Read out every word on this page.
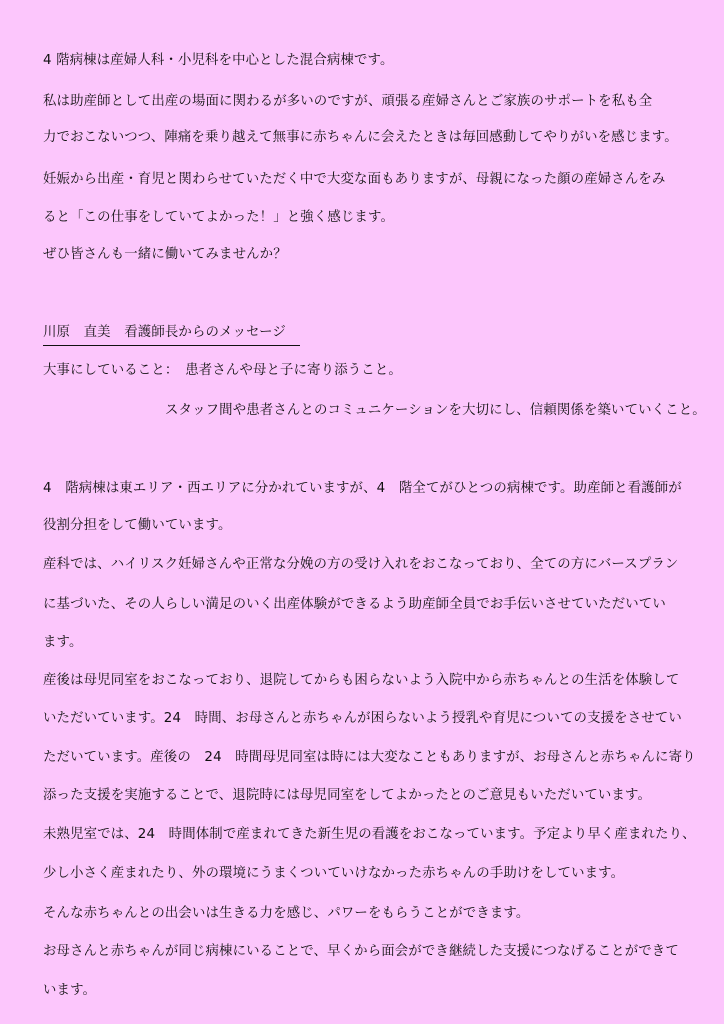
4 階病棟は産婦人科・小児科を中心とした混合病棟です。
私は助産師として出産の場面に関わるが多いのですが、頑張る産婦さんとご家族のサポートを私も全
力でおこないつつ、陣痛を乗り越えて無事に赤ちゃんに会えたときは毎回感動してやりがいを感じます。
妊娠から出産・育児と関わらせていただく中で大変な面もありますが、母親になった顔の産婦さんをみ
ると「この仕事をしていてよかった！」と強く感じます。
ぜひ皆さんも一緒に働いてみませんか？
川原　直美　看護師長からのメッセージ
大事にしていること：　患者さんや母と子に寄り添うこと。
スタッフ間や患者さんとのコミュニケーションを大切にし、信頼関係を築いていくこと。
4　階病棟は東エリア・西エリアに分かれていますが、4　階全てがひとつの病棟です。助産師と看護師が
役割分担をして働いています。
産科では、ハイリスク妊婦さんや正常な分娩の方の受け入れをおこなっており、全ての方にバースプラン
に基づいた、その人らしい満足のいく出産体験ができるよう助産師全員でお手伝いさせていただいてい
ます。
産後は母児同室をおこなっており、退院してからも困らないよう入院中から赤ちゃんとの生活を体験して
いただいています。24　時間、お母さんと赤ちゃんが困らないよう授乳や育児についての支援をさせてい
ただいています。産後の　24　時間母児同室は時には大変なこともありますが、お母さんと赤ちゃんに寄り
添った支援を実施することで、退院時には母児同室をしてよかったとのご意見もいただいています。
未熟児室では、24　時間体制で産まれてきた新生児の看護をおこなっています。予定より早く産まれたり、
少し小さく産まれたり、外の環境にうまくついていけなかった赤ちゃんの手助けをしています。
そんな赤ちゃんとの出会いは生きる力を感じ、パワーをもらうことができます。
お母さんと赤ちゃんが同じ病棟にいることで、早くから面会ができ継続した支援につなげることができて
います。
